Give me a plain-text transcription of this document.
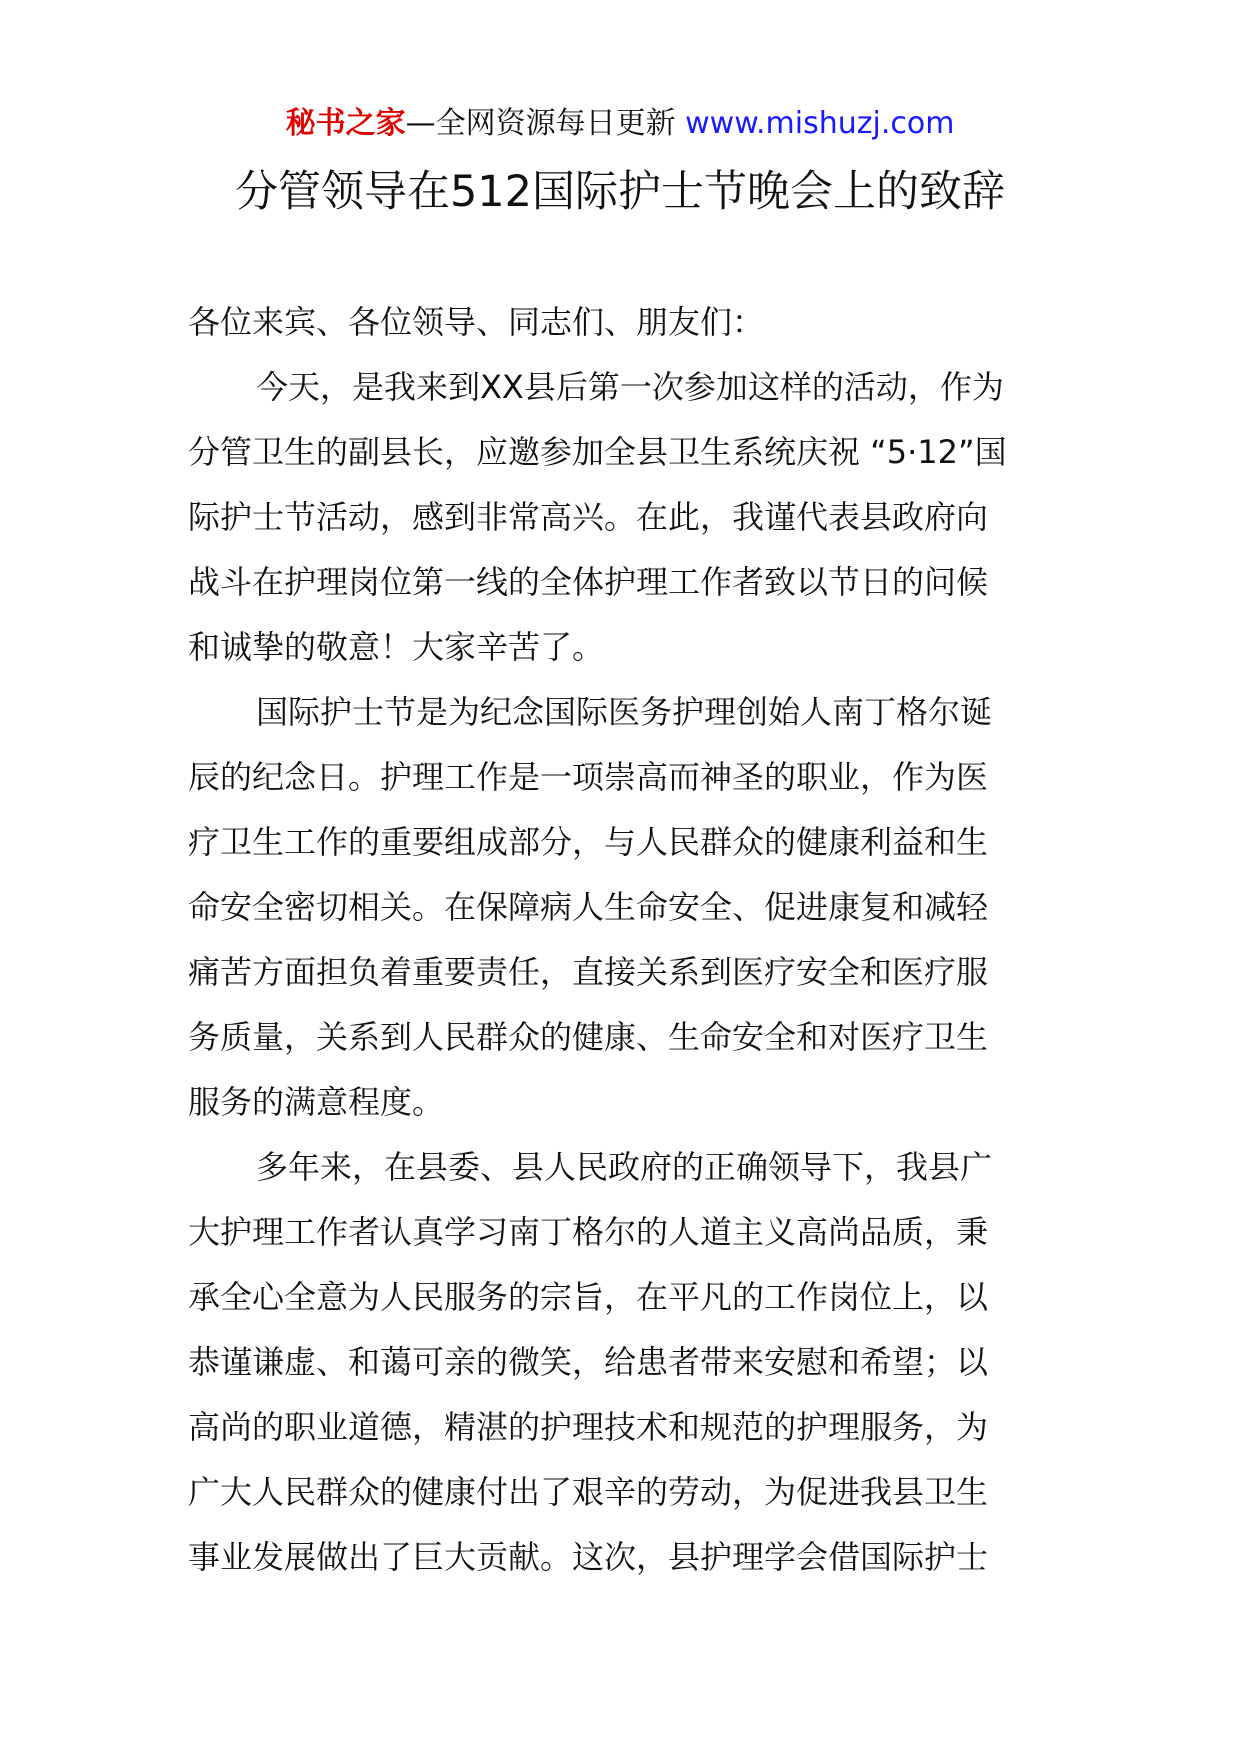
秘书之家—全网资源每日更新 www.mishuzj.com
分管领导在512国际护士节晚会上的致辞
各位来宾、各位领导、同志们、朋友们：
今天，是我来到XX县后第一次参加这样的活动，作为
分管卫生的副县长，应邀参加全县卫生系统庆祝 “5·12”国
际护士节活动，感到非常高兴。在此，我谨代表县政府向
战斗在护理岗位第一线的全体护理工作者致以节日的问候
和诚挚的敬意！大家辛苦了。
国际护士节是为纪念国际医务护理创始人南丁格尔诞
辰的纪念日。护理工作是一项崇高而神圣的职业，作为医
疗卫生工作的重要组成部分，与人民群众的健康利益和生
命安全密切相关。在保障病人生命安全、促进康复和减轻
痛苦方面担负着重要责任，直接关系到医疗安全和医疗服
务质量，关系到人民群众的健康、生命安全和对医疗卫生
服务的满意程度。
多年来，在县委、县人民政府的正确领导下，我县广
大护理工作者认真学习南丁格尔的人道主义高尚品质，秉
承全心全意为人民服务的宗旨，在平凡的工作岗位上，以
恭谨谦虚、和蔼可亲的微笑，给患者带来安慰和希望；以
高尚的职业道德，精湛的护理技术和规范的护理服务，为
广大人民群众的健康付出了艰辛的劳动，为促进我县卫生
事业发展做出了巨大贡献。这次，县护理学会借国际护士
